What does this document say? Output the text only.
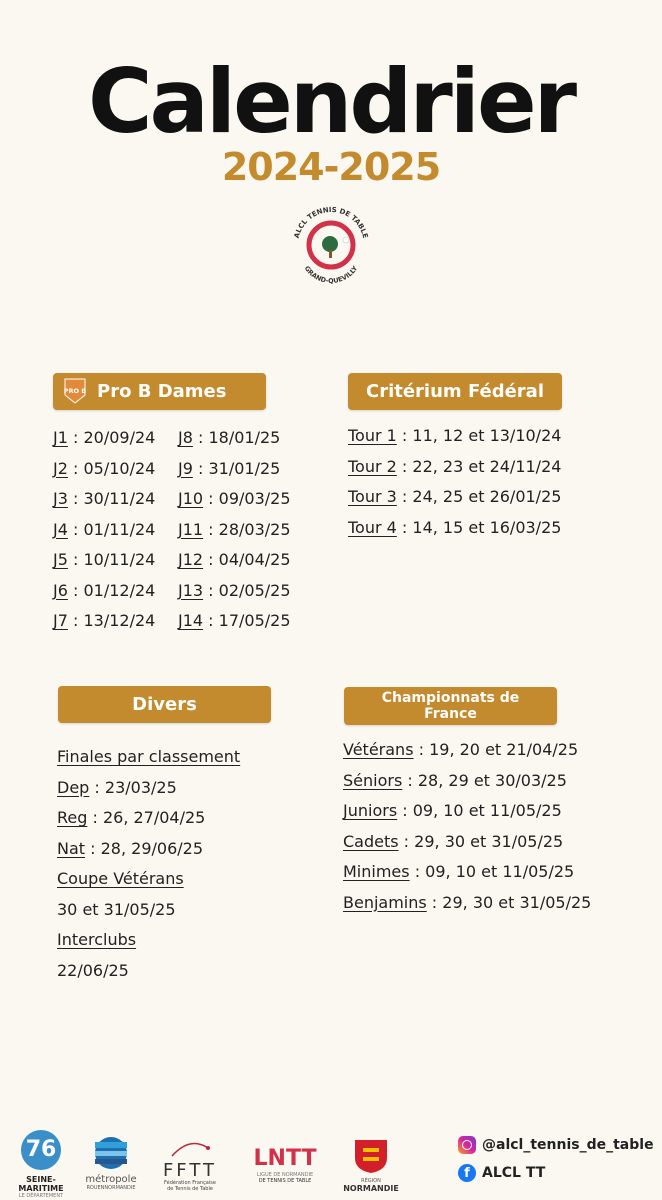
Calendrier
2024-2025
ALCL TENNIS DE TABLE
GRAND-QUEVILLY
PRO B Pro B Dames
J1 : 20/09/24
J2 : 05/10/24
J3 : 30/11/24
J4 : 01/11/24
J5 : 10/11/24
J6 : 01/12/24
J7 : 13/12/24
J8 : 18/01/25
J9 : 31/01/25
J10 : 09/03/25
J11 : 28/03/25
J12 : 04/04/25
J13 : 02/05/25
J14 : 17/05/25
Critérium Fédéral
Tour 1 : 11, 12 et 13/10/24
Tour 2 : 22, 23 et 24/11/24
Tour 3 : 24, 25 et 26/01/25
Tour 4 : 14, 15 et 16/03/25
Divers
Finales par classement
Dep : 23/03/25
Reg : 26, 27/04/25
Nat : 28, 29/06/25
Coupe Vétérans
30 et 31/05/25
Interclubs
22/06/25
Championnats de
France
Vétérans : 19, 20 et 21/04/25
Séniors : 28, 29 et 30/03/25
Juniors : 09, 10 et 11/05/25
Cadets : 29, 30 et 31/05/25
Minimes : 09, 10 et 11/05/25
Benjamins : 29, 30 et 31/05/25
76
SEINE-MARITIME
LE DÉPARTEMENT
métropole
ROUENNORMANDIE
FFTT
Fédération Française
de Tennis de Table
LNTT
LIGUE DE NORMANDIE
DE TENNIS DE TABLE	RÉGION
NORMANDIE
@alcl_tennis_de_table
f ALCL TT
